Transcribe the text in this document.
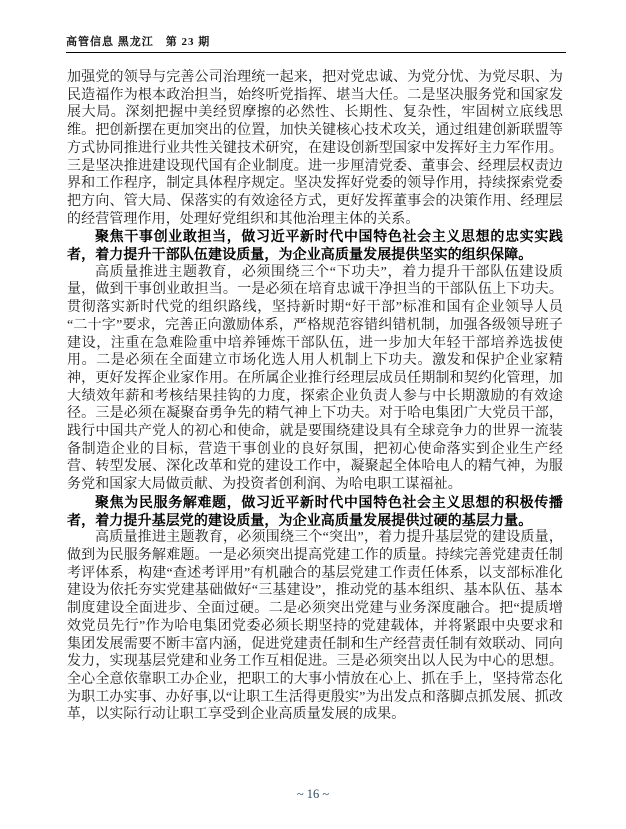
高管信息 黑龙江　第 23 期

加强党的领导与完善公司治理统一起来，把对党忠诚、为党分忧、为党尽职、为民造福作为根本政治担当，始终听党指挥、堪当大任。二是坚决服务党和国家发展大局。深刻把握中美经贸摩擦的必然性、长期性、复杂性，牢固树立底线思维。把创新摆在更加突出的位置，加快关键核心技术攻关，通过组建创新联盟等方式协同推进行业共性关键技术研究，在建设创新型国家中发挥好主力军作用。三是坚决推进建设现代国有企业制度。进一步厘清党委、董事会、经理层权责边界和工作程序，制定具体程序规定。坚决发挥好党委的领导作用，持续探索党委把方向、管大局、保落实的有效途径方式，更好发挥董事会的决策作用、经理层的经营管理作用，处理好党组织和其他治理主体的关系。

聚焦干事创业敢担当，做习近平新时代中国特色社会主义思想的忠实实践者，着力提升干部队伍建设质量，为企业高质量发展提供坚实的组织保障。

高质量推进主题教育，必须围绕三个“下功夫”，着力提升干部队伍建设质量，做到干事创业敢担当。一是必须在培育忠诚干净担当的干部队伍上下功夫。贯彻落实新时代党的组织路线，坚持新时期“好干部”标准和国有企业领导人员“二十字”要求，完善正向激励体系，严格规范容错纠错机制，加强各级领导班子建设，注重在急难险重中培养锤炼干部队伍，进一步加大年轻干部培养选拔使用。二是必须在全面建立市场化选人用人机制上下功夫。激发和保护企业家精神，更好发挥企业家作用。在所属企业推行经理层成员任期制和契约化管理，加大绩效年薪和考核结果挂钩的力度，探索企业负责人参与中长期激励的有效途径。三是必须在凝聚奋勇争先的精气神上下功夫。对于哈电集团广大党员干部，践行中国共产党人的初心和使命，就是要围绕建设具有全球竞争力的世界一流装备制造企业的目标，营造干事创业的良好氛围，把初心使命落实到企业生产经营、转型发展、深化改革和党的建设工作中，凝聚起全体哈电人的精气神，为服务党和国家大局做贡献、为投资者创利润、为哈电职工谋福祉。

聚焦为民服务解难题，做习近平新时代中国特色社会主义思想的积极传播者，着力提升基层党的建设质量，为企业高质量发展提供过硬的基层力量。

高质量推进主题教育，必须围绕三个“突出”，着力提升基层党的建设质量，做到为民服务解难题。一是必须突出提高党建工作的质量。持续完善党建责任制考评体系，构建“查述考评用”有机融合的基层党建工作责任体系，以支部标准化建设为依托夯实党建基础做好“三基建设”，推动党的基本组织、基本队伍、基本制度建设全面进步、全面过硬。二是必须突出党建与业务深度融合。把“提质增效党员先行”作为哈电集团党委必须长期坚持的党建载体，并将紧跟中央要求和集团发展需要不断丰富内涵，促进党建责任制和生产经营责任制有效联动、同向发力，实现基层党建和业务工作互相促进。三是必须突出以人民为中心的思想。全心全意依靠职工办企业，把职工的大事小情放在心上、抓在手上，坚持常态化为职工办实事、办好事,以“让职工生活得更殷实”为出发点和落脚点抓发展、抓改革，以实际行动让职工享受到企业高质量发展的成果。

~ 16 ~
